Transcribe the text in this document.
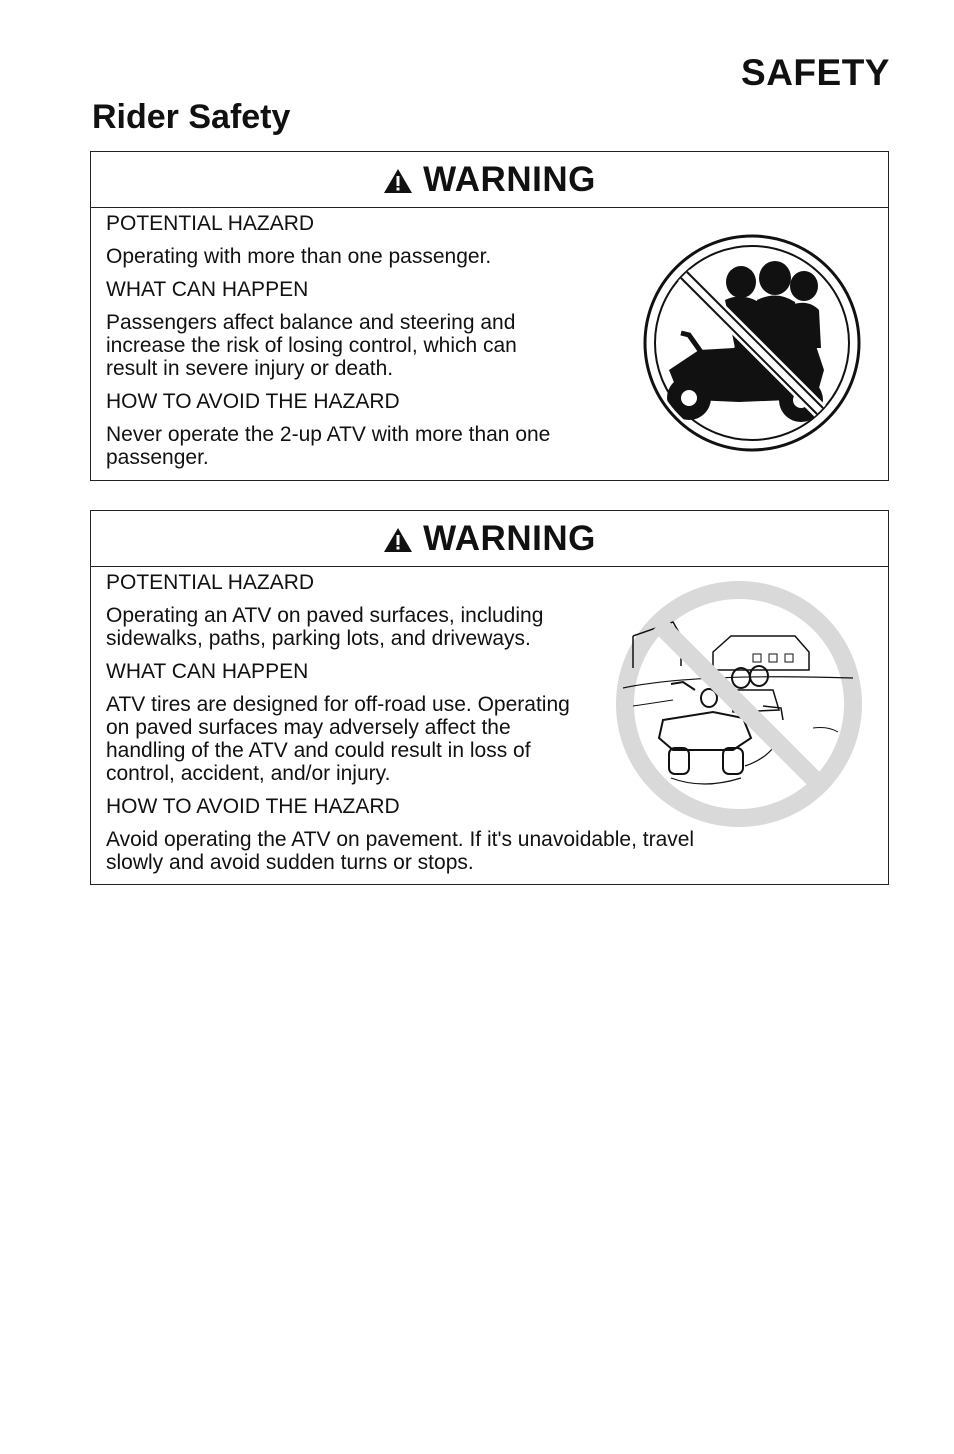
SAFETY
Rider Safety
WARNING

POTENTIAL HAZARD

Operating with more than one passenger.

WHAT CAN HAPPEN

Passengers affect balance and steering and increase the risk of losing control, which can result in severe injury or death.

HOW TO AVOID THE HAZARD

Never operate the 2-up ATV with more than one passenger.

WARNING

POTENTIAL HAZARD

Operating an ATV on paved surfaces, including sidewalks, paths, parking lots, and driveways.

WHAT CAN HAPPEN

ATV tires are designed for off-road use. Operating on paved surfaces may adversely affect the handling of the ATV and could result in loss of control, accident, and/or injury.

HOW TO AVOID THE HAZARD

Avoid operating the ATV on pavement. If it's unavoidable, travel slowly and avoid sudden turns or stops.
